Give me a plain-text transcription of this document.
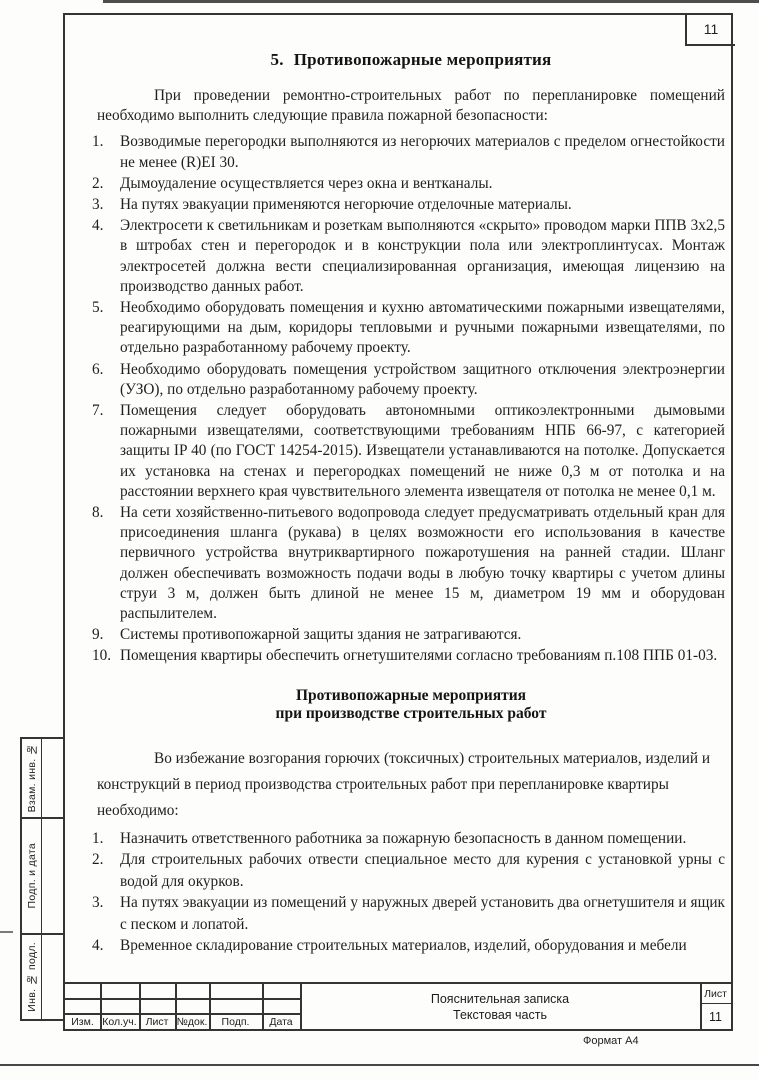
11
5. Противопожарные мероприятия

При проведении ремонтно-строительных работ по перепланировке помещений необходимо выполнить следующие правила пожарной безопасности:

Возводимые перегородки выполняются из негорючих материалов с пределом огнестойкости не менее (R)EI 30.
Дымоудаление осуществляется через окна и вентканалы.
На путях эвакуации применяются негорючие отделочные материалы.
Электросети к светильникам и розеткам выполняются «скрыто» проводом марки ППВ 3х2,5 в штробах стен и перегородок и в конструкции пола или электроплинтусах. Монтаж электросетей должна вести специализированная организация, имеющая лицензию на производство данных работ.
Необходимо оборудовать помещения и кухню автоматическими пожарными извещателями, реагирующими на дым, коридоры тепловыми и ручными пожарными извещателями, по отдельно разработанному рабочему проекту.
Необходимо оборудовать помещения устройством защитного отключения электроэнергии (УЗО), по отдельно разработанному рабочему проекту.
Помещения следует оборудовать автономными оптикоэлектронными дымовыми пожарными извещателями, соответствующими требованиям НПБ 66-97, с категорией защиты IP 40 (по ГОСТ 14254-2015). Извещатели устанавливаются на потолке. Допускается их установка на стенах и перегородках помещений не ниже 0,3 м от потолка и на расстоянии верхнего края чувствительного элемента извещателя от потолка не менее 0,1 м.
На сети хозяйственно-питьевого водопровода следует предусматривать отдельный кран для присоединения шланга (рукава) в целях возможности его использования в качестве первичного устройства внутриквартирного пожаротушения на ранней стадии. Шланг должен обеспечивать возможность подачи воды в любую точку квартиры с учетом длины струи 3 м, должен быть длиной не менее 15 м, диаметром 19 мм и оборудован распылителем.
Системы противопожарной защиты здания не затрагиваются.
Помещения квартиры обеспечить огнетушителями согласно требованиям п.108 ППБ 01-03.
Противопожарные мероприятия
при производстве строительных работ

Во избежание возгорания горючих (токсичных) строительных материалов, изделий и конструкций в период производства строительных работ при перепланировке квартиры необходимо:

Назначить ответственного работника за пожарную безопасность в данном помещении.
Для строительных рабочих отвести специальное место для курения с установкой урны с водой для окурков.
На путях эвакуации из помещений у наружных дверей установить два огнетушителя и ящик с песком и лопатой.
Временное складирование строительных материалов, изделий, оборудования и мебели
Взам. инв. №
Подп. и дата
Инв. № подл.
Изм. Кол.уч. Лист №док.	Подп.	Дата
Пояснительная записка
Текстовая часть
Лист
11
Формат А4
